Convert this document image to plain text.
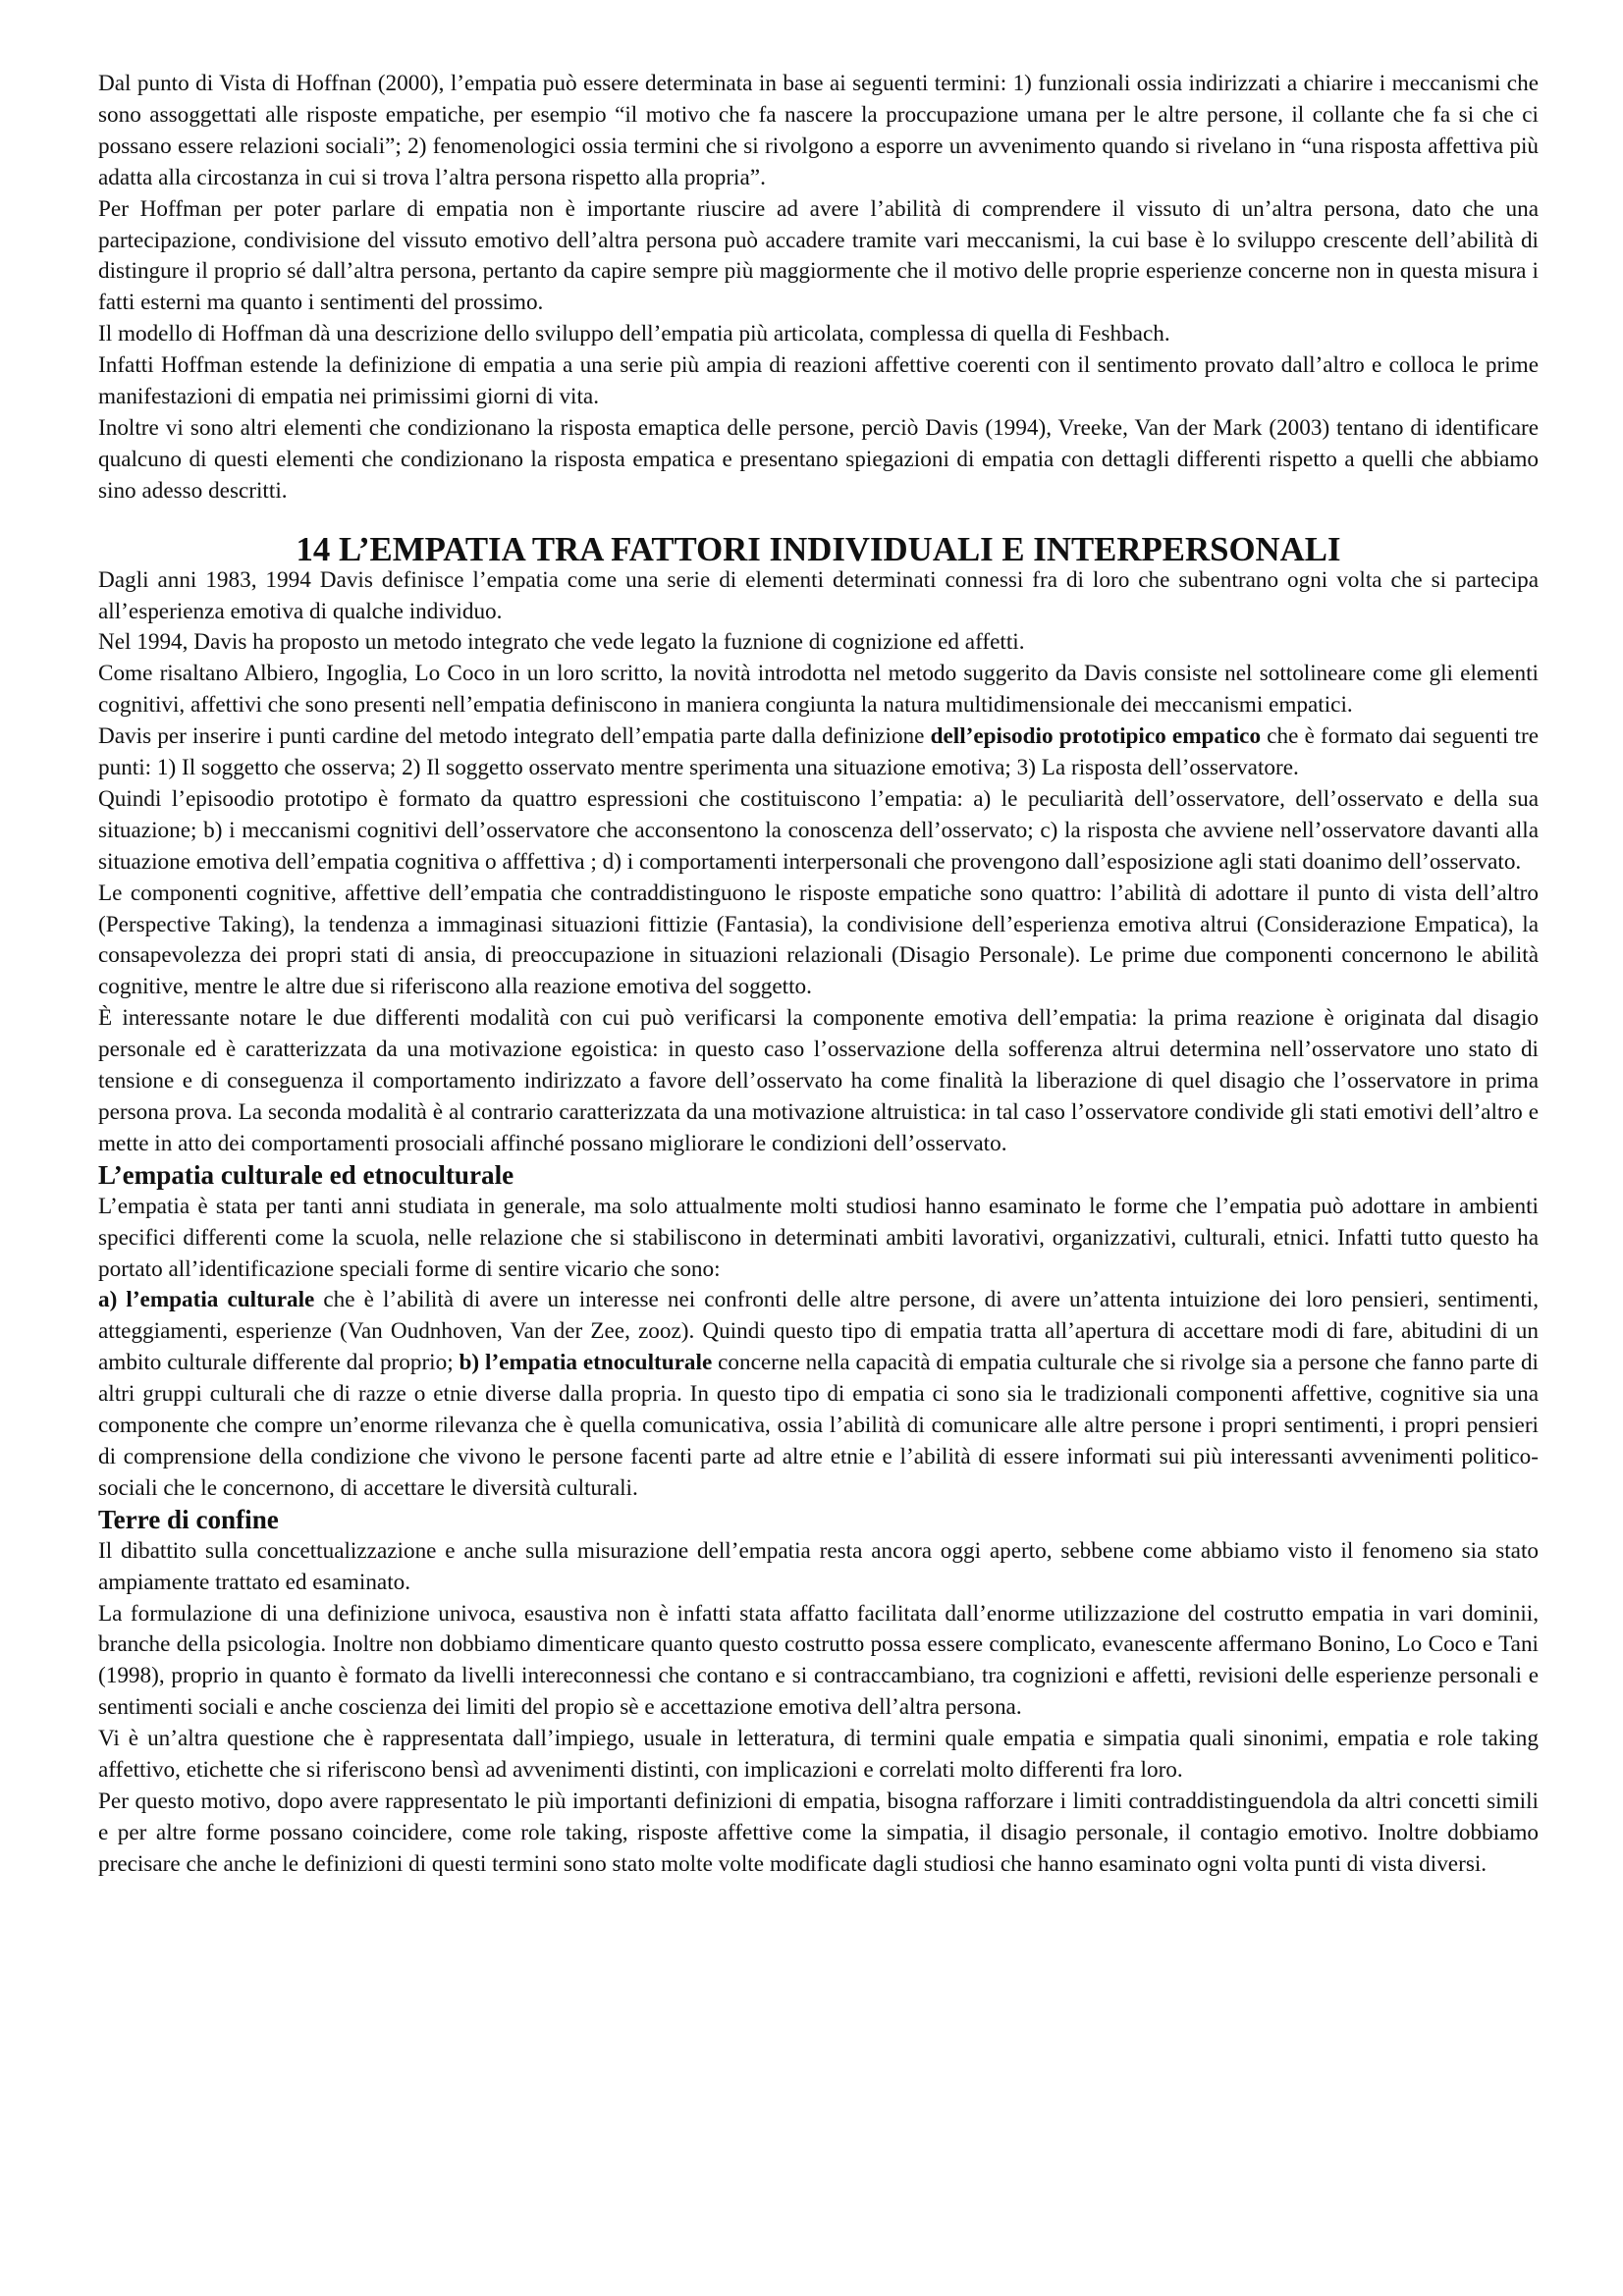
Dal punto di Vista di Hoffnan (2000), l’empatia può essere determinata in base ai seguenti termini: 1) funzionali ossia indirizzati a chiarire i meccanismi che sono assoggettati alle risposte empatiche, per esempio “il motivo che fa nascere la proccupazione umana per le altre persone, il collante che fa si che ci possano essere relazioni sociali”; 2) fenomenologici ossia termini che si rivolgono a esporre un avvenimento quando si rivelano in “una risposta affettiva più adatta alla circostanza in cui si trova l’altra persona rispetto alla propria”.

Per Hoffman per poter parlare di empatia non è importante riuscire ad avere l’abilità di comprendere il vissuto di un’altra persona, dato che una partecipazione, condivisione del vissuto emotivo dell’altra persona può accadere tramite vari meccanismi, la cui base è lo sviluppo crescente dell’abilità di distingure il proprio sé dall’altra persona, pertanto da capire sempre più maggiormente che il motivo delle proprie esperienze concerne non in questa misura i fatti esterni ma quanto i sentimenti del prossimo.

Il modello di Hoffman dà una descrizione dello sviluppo dell’empatia più articolata, complessa di quella di Feshbach.

Infatti Hoffman estende la definizione di empatia a una serie più ampia di reazioni affettive coerenti con il sentimento provato dall’altro e colloca le prime manifestazioni di empatia nei primissimi giorni di vita.

Inoltre vi sono altri elementi che condizionano la risposta emaptica delle persone, perciò Davis (1994), Vreeke, Van der Mark (2003) tentano di identificare qualcuno di questi elementi che condizionano la risposta empatica e presentano spiegazioni di empatia con dettagli differenti rispetto a quelli che abbiamo sino adesso descritti.

14 L’EMPATIA TRA FATTORI INDIVIDUALI E INTERPERSONALI

Dagli anni 1983, 1994 Davis definisce l’empatia come una serie di elementi determinati connessi fra di loro che subentrano ogni volta che si partecipa all’esperienza emotiva di qualche individuo.

Nel 1994, Davis ha proposto un metodo integrato che vede legato la fuznione di cognizione ed affetti.

Come risaltano Albiero, Ingoglia, Lo Coco in un loro scritto, la novità introdotta nel metodo suggerito da Davis consiste nel sottolineare come gli elementi cognitivi, affettivi che sono presenti nell’empatia definiscono in maniera congiunta la natura multidimensionale dei meccanismi empatici.

Davis per inserire i punti cardine del metodo integrato dell’empatia parte dalla definizione dell’episodio prototipico empatico che è formato dai seguenti tre punti: 1) Il soggetto che osserva; 2) Il soggetto osservato mentre sperimenta una situazione emotiva; 3) La risposta dell’osservatore.

Quindi l’episoodio prototipo è formato da quattro espressioni che costituiscono l’empatia: a) le peculiarità dell’osservatore, dell’osservato e della sua situazione; b) i meccanismi cognitivi dell’osservatore che acconsentono la conoscenza dell’osservato; c) la risposta che avviene nell’osservatore davanti alla situazione emotiva dell’empatia cognitiva o afffettiva ; d) i comportamenti interpersonali che provengono dall’esposizione agli stati doanimo dell’osservato.

Le componenti cognitive, affettive dell’empatia che contraddistinguono le risposte empatiche sono quattro: l’abilità di adottare il punto di vista dell’altro (Perspective Taking), la tendenza a immaginasi situazioni fittizie (Fantasia), la condivisione dell’esperienza emotiva altrui (Considerazione Empatica), la consapevolezza dei propri stati di ansia, di preoccupazione in situazioni relazionali (Disagio Personale). Le prime due componenti concernono le abilità cognitive, mentre le altre due si riferiscono alla reazione emotiva del soggetto.

È interessante notare le due differenti modalità con cui può verificarsi la componente emotiva dell’empatia: la prima reazione è originata dal disagio personale ed è caratterizzata da una motivazione egoistica: in questo caso l’osservazione della sofferenza altrui determina nell’osservatore uno stato di tensione e di conseguenza il comportamento indirizzato a favore dell’osservato ha come finalità la liberazione di quel disagio che l’osservatore in prima persona prova. La seconda modalità è al contrario caratterizzata da una motivazione altruistica: in tal caso l’osservatore condivide gli stati emotivi dell’altro e mette in atto dei comportamenti prosociali affinché possano migliorare le condizioni dell’osservato.

L’empatia culturale ed etnoculturale

L’empatia è stata per tanti anni studiata in generale, ma solo attualmente molti studiosi hanno esaminato le forme che l’empatia può adottare in ambienti specifici differenti come la scuola, nelle relazione che si stabiliscono in determinati ambiti lavorativi, organizzativi, culturali, etnici. Infatti tutto questo ha portato all’identificazione speciali forme di sentire vicario che sono:

a) l’empatia culturale che è l’abilità di avere un interesse nei confronti delle altre persone, di avere un’attenta intuizione dei loro pensieri, sentimenti, atteggiamenti, esperienze (Van Oudnhoven, Van der Zee, zooz). Quindi questo tipo di empatia tratta all’apertura di accettare modi di fare, abitudini di un ambito culturale differente dal proprio; b) l’empatia etnoculturale concerne nella capacità di empatia culturale che si rivolge sia a persone che fanno parte di altri gruppi culturali che di razze o etnie diverse dalla propria. In questo tipo di empatia ci sono sia le tradizionali componenti affettive, cognitive sia una componente che compre un’enorme rilevanza che è quella comunicativa, ossia l’abilità di comunicare alle altre persone i propri sentimenti, i propri pensieri di comprensione della condizione che vivono le persone facenti parte ad altre etnie e l’abilità di essere informati sui più interessanti avvenimenti politico-sociali che le concernono, di accettare le diversità culturali.

Terre di confine

Il dibattito sulla concettualizzazione e anche sulla misurazione dell’empatia resta ancora oggi aperto, sebbene come abbiamo visto il fenomeno sia stato ampiamente trattato ed esaminato.

La formulazione di una definizione univoca, esaustiva non è infatti stata affatto facilitata dall’enorme utilizzazione del costrutto empatia in vari dominii, branche della psicologia. Inoltre non dobbiamo dimenticare quanto questo costrutto possa essere complicato, evanescente affermano Bonino, Lo Coco e Tani (1998), proprio in quanto è formato da livelli intereconnessi che contano e si contraccambiano, tra cognizioni e affetti, revisioni delle esperienze personali e sentimenti sociali e anche coscienza dei limiti del propio sè e accettazione emotiva dell’altra persona.

Vi è un’altra questione che è rappresentata dall’impiego, usuale in letteratura, di termini quale empatia e simpatia quali sinonimi, empatia e role taking affettivo, etichette che si riferiscono bensì ad avvenimenti distinti, con implicazioni e correlati molto differenti fra loro.

Per questo motivo, dopo avere rappresentato le più importanti definizioni di empatia, bisogna rafforzare i limiti contraddistinguendola da altri concetti simili e per altre forme possano coincidere, come role taking, risposte affettive come la simpatia, il disagio personale, il contagio emotivo. Inoltre dobbiamo precisare che anche le definizioni di questi termini sono stato molte volte modificate dagli studiosi che hanno esaminato ogni volta punti di vista diversi.
